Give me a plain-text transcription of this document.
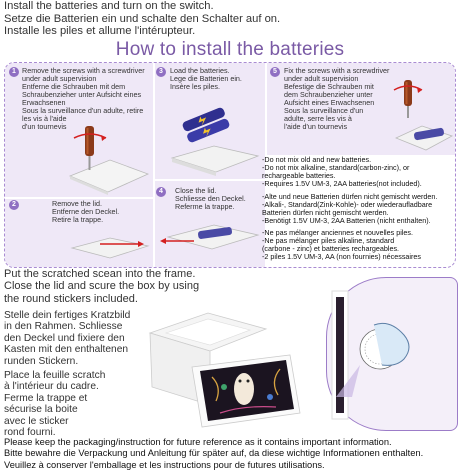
Install the batteries and turn on the switch.
Setze die Batterien ein und schalte den Schalter auf on.
Installe les piles et allume l'intérupteur.
How to install the batteries
1 Remove the screws with a screwdriver
under adult supervision
Entferne die Schrauben mit dem
Schraubenzieher unter Aufsicht eines
Erwachsenen
Sous la surveillance d'un adulte, retire
les vis à l'aide
d'un tournevis
2	Remove the lid.
Entferne den Deckel.
Retire la trappe.
3 Load the batteries.
Lege die Batterien ein.
Insère les piles.
4	Close the lid.
Schliesse den Deckel.
Referme la trappe.
5 Fix the screws with a screwdriver
under adult supervision
Befestige die Schrauben mit
dem Schraubenzieher unter
Aufsicht eines Erwachsenen
Sous la surveillance d'un
adulte, serre les vis à
l'aide d'un tournevis
-Do not mix old and new batteries.
-Do not mix alkaline, standard(carbon-zinc), or
rechargeable batteries.
-Requires 1.5V UM-3, 2AA batteries(not included).
-Alte und neue Batterien dürfen nicht gemischt werden.
-Alkali-, Standard(Zink-Kohle)- oder wiederaufladbare
Batterien dürfen nicht gemischt werden.
-Benötigt 1.5V UM-3, 2AA Batterien (nicht enthalten).
-Ne pas mélanger anciennes et nouvelles piles.
-Ne pas mélanger piles alkaline, standard
(carbone - zinc) et batteries rechargeables.
-2 piles 1.5V UM-3, AA (non fournies) nécessaires
Put the scratched scean into the frame.
Close the lid and scure the box by using
the round stickers included.
Stelle dein fertiges Kratzbild
in den Rahmen. Schliesse
den Deckel und fixiere den
Kasten mit den enthaltenen
runden Stickern.
Place la feuille scratch
à l'intérieur du cadre.
Ferme la trappe et
sécurise la boite
avec le sticker
rond fourni.
Please keep the packaging/instruction for future reference as it contains important information.
Bitte bewahre die Verpackung und Anleitung für später auf, da diese wichtige Informationen enthalten.
Veuillez à conserver l'emballage et les instructions pour de futures utilisations.
